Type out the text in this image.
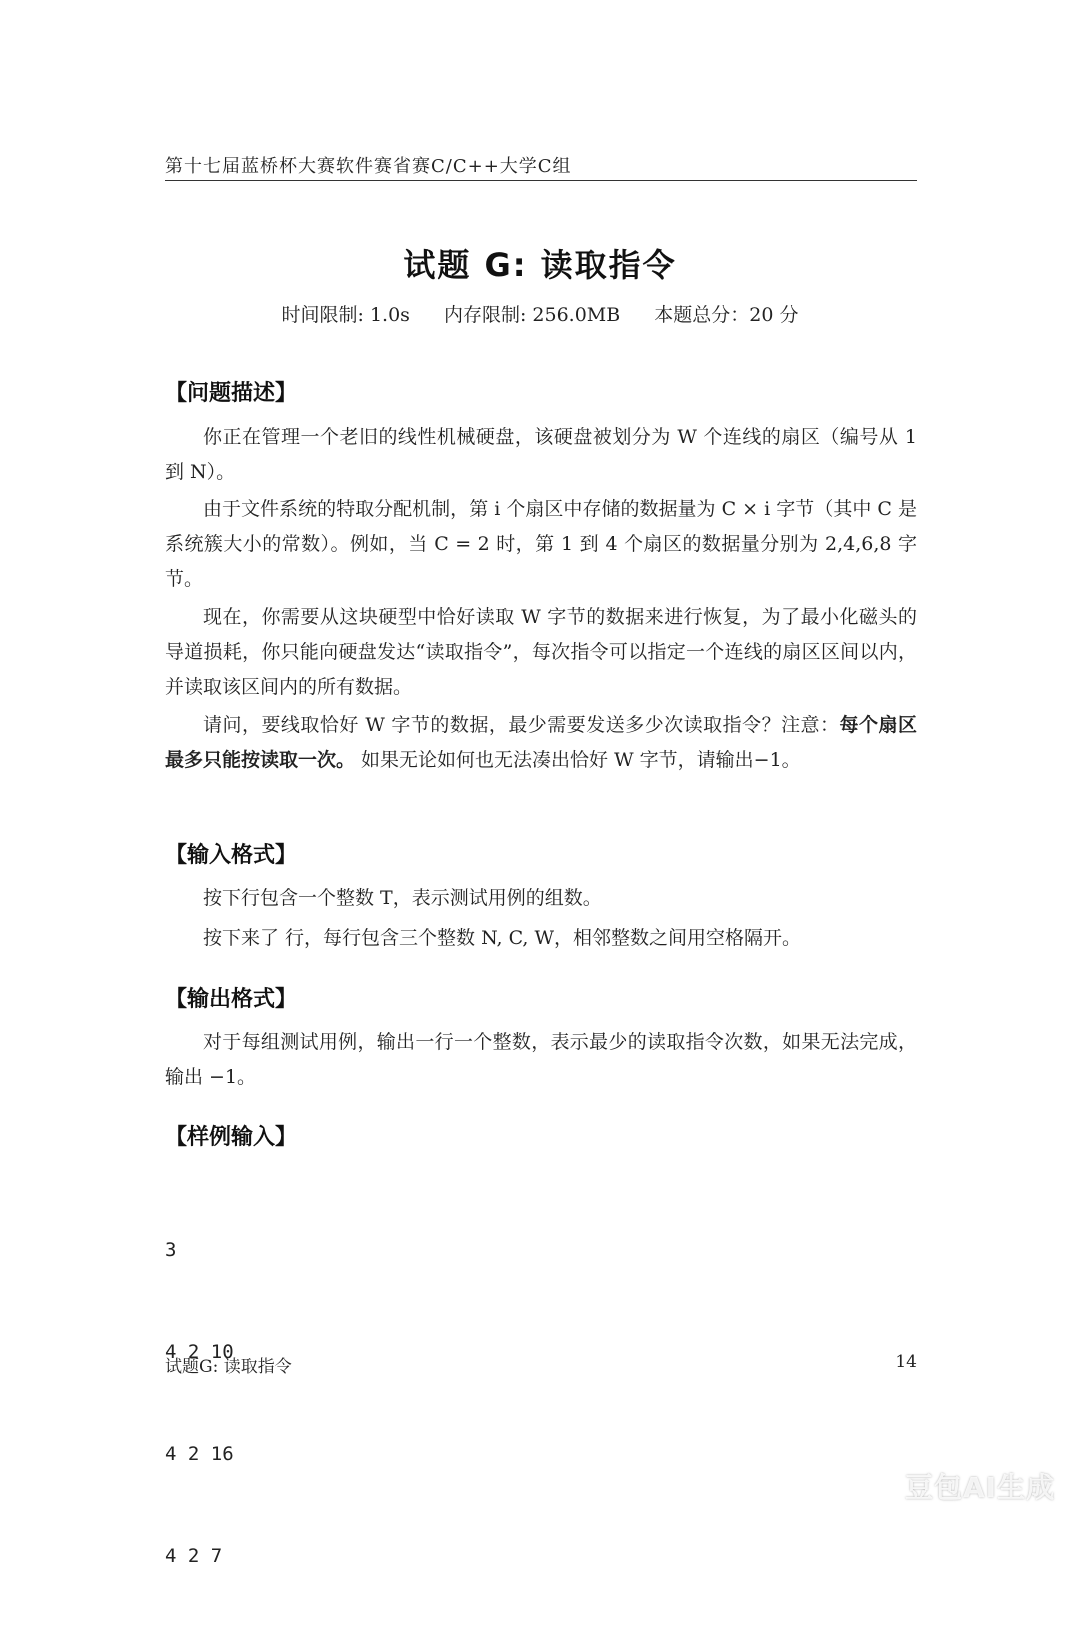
第十七届蓝桥杯大赛软件赛省赛C/C++大学C组
试题 G: 读取指令
时间限制: 1.0s 内存限制: 256.0MB 本题总分：20 分
【问题描述】
你正在管理一个老旧的线性机械硬盘，该硬盘被划分为 W 个连线的扇区（编号从 1 到 N）。
由于文件系统的特取分配机制，第 i 个扇区中存储的数据量为 C × i 字节（其中 C 是系统簇大小的常数）。例如，当 C = 2 时，第 1 到 4 个扇区的数据量分别为 2,4,6,8 字节。
现在，你需要从这块硬型中恰好读取 W 字节的数据来进行恢复，为了最小化磁头的导道损耗，你只能向硬盘发达“读取指令”，每次指令可以指定一个连线的扇区区间以内，并读取该区间内的所有数据。
请问，要线取恰好 W 字节的数据，最少需要发送多少次读取指令？注意：每个扇区最多只能按读取一次。 如果无论如何也无法凑出恰好 W 字节，请输出−1。
【输入格式】
按下行包含一个整数 T，表示测试用例的组数。
按下来了 行，每行包含三个整数 N, C, W，相邻整数之间用空格隔开。
【输出格式】
对于每组测试用例，输出一行一个整数，表示最少的读取指令次数，如果无法完成，输出 −1。
【样例输入】

3

4 2 10

4 2 16

4 2 7

试题G: 读取指令	14
豆包AI生成
